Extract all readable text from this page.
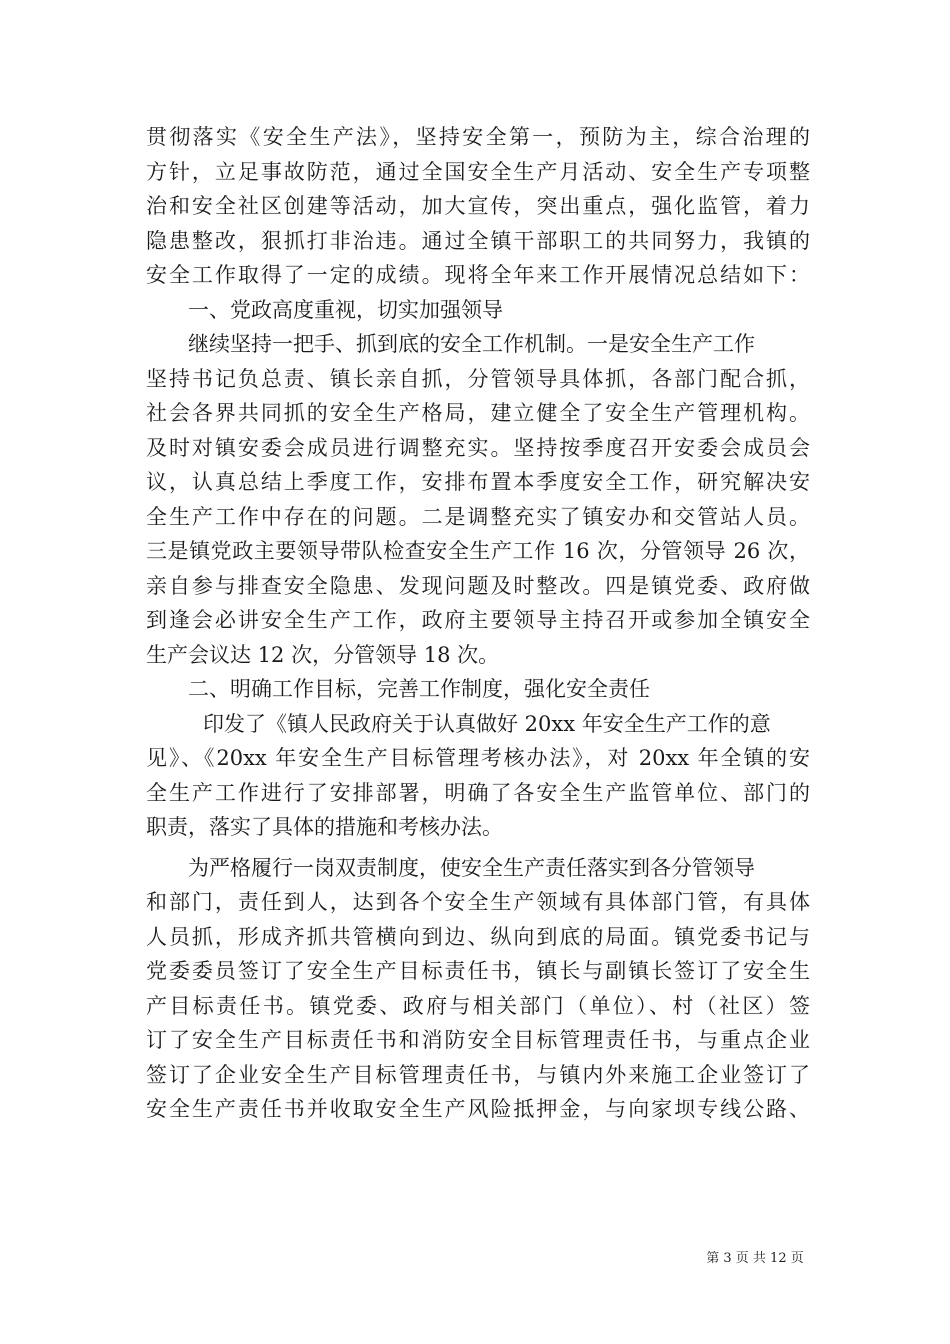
贯彻落实《安全生产法》，坚持安全第一，预防为主，综合治理的
方针，立足事故防范，通过全国安全生产月活动、安全生产专项整
治和安全社区创建等活动，加大宣传，突出重点，强化监管，着力
隐患整改，狠抓打非治违。通过全镇干部职工的共同努力，我镇的
安全工作取得了一定的成绩。现将全年来工作开展情况总结如下：
一、党政高度重视，切实加强领导
继续坚持一把手、抓到底的安全工作机制。一是安全生产工作
坚持书记负总责、镇长亲自抓，分管领导具体抓，各部门配合抓，
社会各界共同抓的安全生产格局，建立健全了安全生产管理机构。
及时对镇安委会成员进行调整充实。坚持按季度召开安委会成员会
议，认真总结上季度工作，安排布置本季度安全工作，研究解决安
全生产工作中存在的问题。二是调整充实了镇安办和交管站人员。
三是镇党政主要领导带队检查安全生产工作 16 次，分管领导 26 次，
亲自参与排查安全隐患、发现问题及时整改。四是镇党委、政府做
到逢会必讲安全生产工作，政府主要领导主持召开或参加全镇安全
生产会议达 12 次，分管领导 18 次。
二、明确工作目标，完善工作制度，强化安全责任
印发了《镇人民政府关于认真做好 20xx 年安全生产工作的意
见》、《20xx 年安全生产目标管理考核办法》，对 20xx 年全镇的安
全生产工作进行了安排部署，明确了各安全生产监管单位、部门的
职责，落实了具体的措施和考核办法。
为严格履行一岗双责制度，使安全生产责任落实到各分管领导
和部门，责任到人，达到各个安全生产领域有具体部门管，有具体
人员抓，形成齐抓共管横向到边、纵向到底的局面。镇党委书记与
党委委员签订了安全生产目标责任书，镇长与副镇长签订了安全生
产目标责任书。镇党委、政府与相关部门（单位）、村（社区）签
订了安全生产目标责任书和消防安全目标管理责任书，与重点企业
签订了企业安全生产目标管理责任书，与镇内外来施工企业签订了
安全生产责任书并收取安全生产风险抵押金，与向家坝专线公路、
第 3 页 共 12 页
